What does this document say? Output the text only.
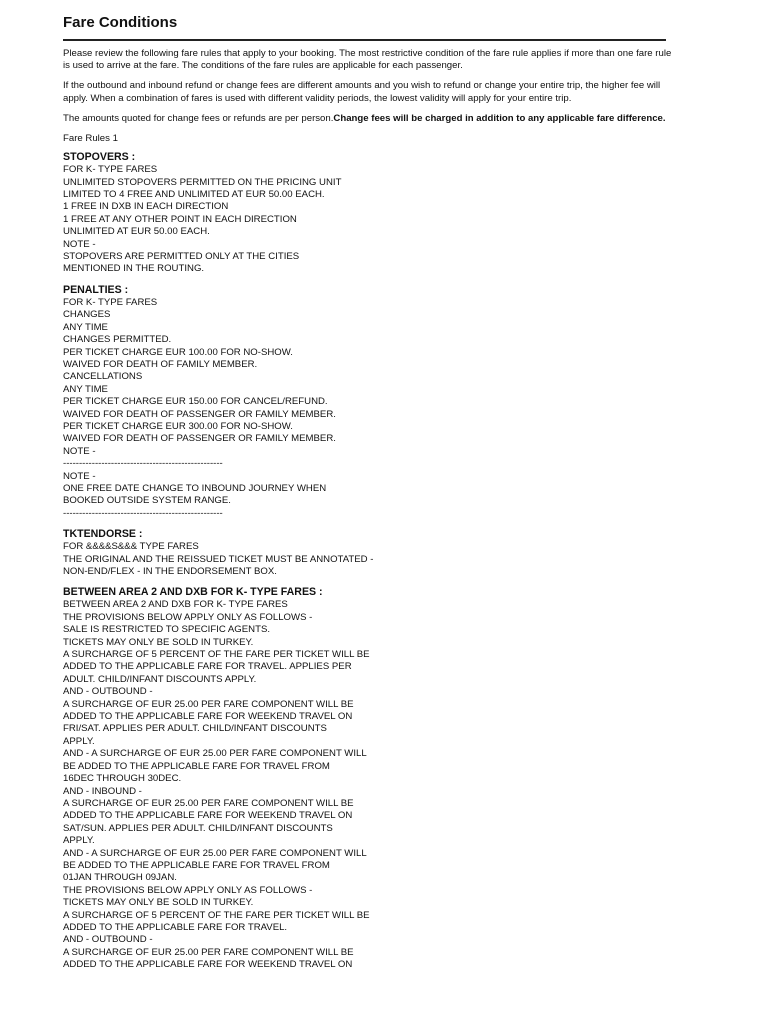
Fare Conditions

Please review the following fare rules that apply to your booking. The most restrictive condition of the fare rule applies if more than one fare rule is used to arrive at the fare. The conditions of the fare rules are applicable for each passenger.

If the outbound and inbound refund or change fees are different amounts and you wish to refund or change your entire trip, the higher fee will apply. When a combination of fares is used with different validity periods, the lowest validity will apply for your entire trip.

The amounts quoted for change fees or refunds are per person.Change fees will be charged in addition to any applicable fare difference.

Fare Rules 1

STOPOVERS :
FOR K- TYPE FARES
UNLIMITED STOPOVERS PERMITTED ON THE PRICING UNIT
LIMITED TO 4 FREE AND UNLIMITED AT EUR 50.00 EACH.
1 FREE IN DXB IN EACH DIRECTION
1 FREE AT ANY OTHER POINT IN EACH DIRECTION
UNLIMITED AT EUR 50.00 EACH.
NOTE -
STOPOVERS ARE PERMITTED ONLY AT THE CITIES
MENTIONED IN THE ROUTING.
PENALTIES :
FOR K- TYPE FARES
CHANGES
ANY TIME
CHANGES PERMITTED.
PER TICKET CHARGE EUR 100.00 FOR NO-SHOW.
WAIVED FOR DEATH OF FAMILY MEMBER.
CANCELLATIONS
ANY TIME
PER TICKET CHARGE EUR 150.00 FOR CANCEL/REFUND.
WAIVED FOR DEATH OF PASSENGER OR FAMILY MEMBER.
PER TICKET CHARGE EUR 300.00 FOR NO-SHOW.
WAIVED FOR DEATH OF PASSENGER OR FAMILY MEMBER.
NOTE -
--------------------------------------------------
NOTE -
ONE FREE DATE CHANGE TO INBOUND JOURNEY WHEN
BOOKED OUTSIDE SYSTEM RANGE.
--------------------------------------------------
TKTENDORSE :
FOR &&&&S&&& TYPE FARES
THE ORIGINAL AND THE REISSUED TICKET MUST BE ANNOTATED -
NON-END/FLEX - IN THE ENDORSEMENT BOX.
BETWEEN AREA 2 AND DXB FOR K- TYPE FARES :
BETWEEN AREA 2 AND DXB FOR K- TYPE FARES
THE PROVISIONS BELOW APPLY ONLY AS FOLLOWS -
SALE IS RESTRICTED TO SPECIFIC AGENTS.
TICKETS MAY ONLY BE SOLD IN TURKEY.
A SURCHARGE OF 5 PERCENT OF THE FARE PER TICKET WILL BE
ADDED TO THE APPLICABLE FARE FOR TRAVEL. APPLIES PER
ADULT. CHILD/INFANT DISCOUNTS APPLY.
AND - OUTBOUND -
A SURCHARGE OF EUR 25.00 PER FARE COMPONENT WILL BE
ADDED TO THE APPLICABLE FARE FOR WEEKEND TRAVEL ON
FRI/SAT. APPLIES PER ADULT. CHILD/INFANT DISCOUNTS
APPLY.
AND - A SURCHARGE OF EUR 25.00 PER FARE COMPONENT WILL
BE ADDED TO THE APPLICABLE FARE FOR TRAVEL FROM
16DEC THROUGH 30DEC.
AND - INBOUND -
A SURCHARGE OF EUR 25.00 PER FARE COMPONENT WILL BE
ADDED TO THE APPLICABLE FARE FOR WEEKEND TRAVEL ON
SAT/SUN. APPLIES PER ADULT. CHILD/INFANT DISCOUNTS
APPLY.
AND - A SURCHARGE OF EUR 25.00 PER FARE COMPONENT WILL
BE ADDED TO THE APPLICABLE FARE FOR TRAVEL FROM
01JAN THROUGH 09JAN.
THE PROVISIONS BELOW APPLY ONLY AS FOLLOWS -
TICKETS MAY ONLY BE SOLD IN TURKEY.
A SURCHARGE OF 5 PERCENT OF THE FARE PER TICKET WILL BE
ADDED TO THE APPLICABLE FARE FOR TRAVEL.
AND - OUTBOUND -
A SURCHARGE OF EUR 25.00 PER FARE COMPONENT WILL BE
ADDED TO THE APPLICABLE FARE FOR WEEKEND TRAVEL ON
